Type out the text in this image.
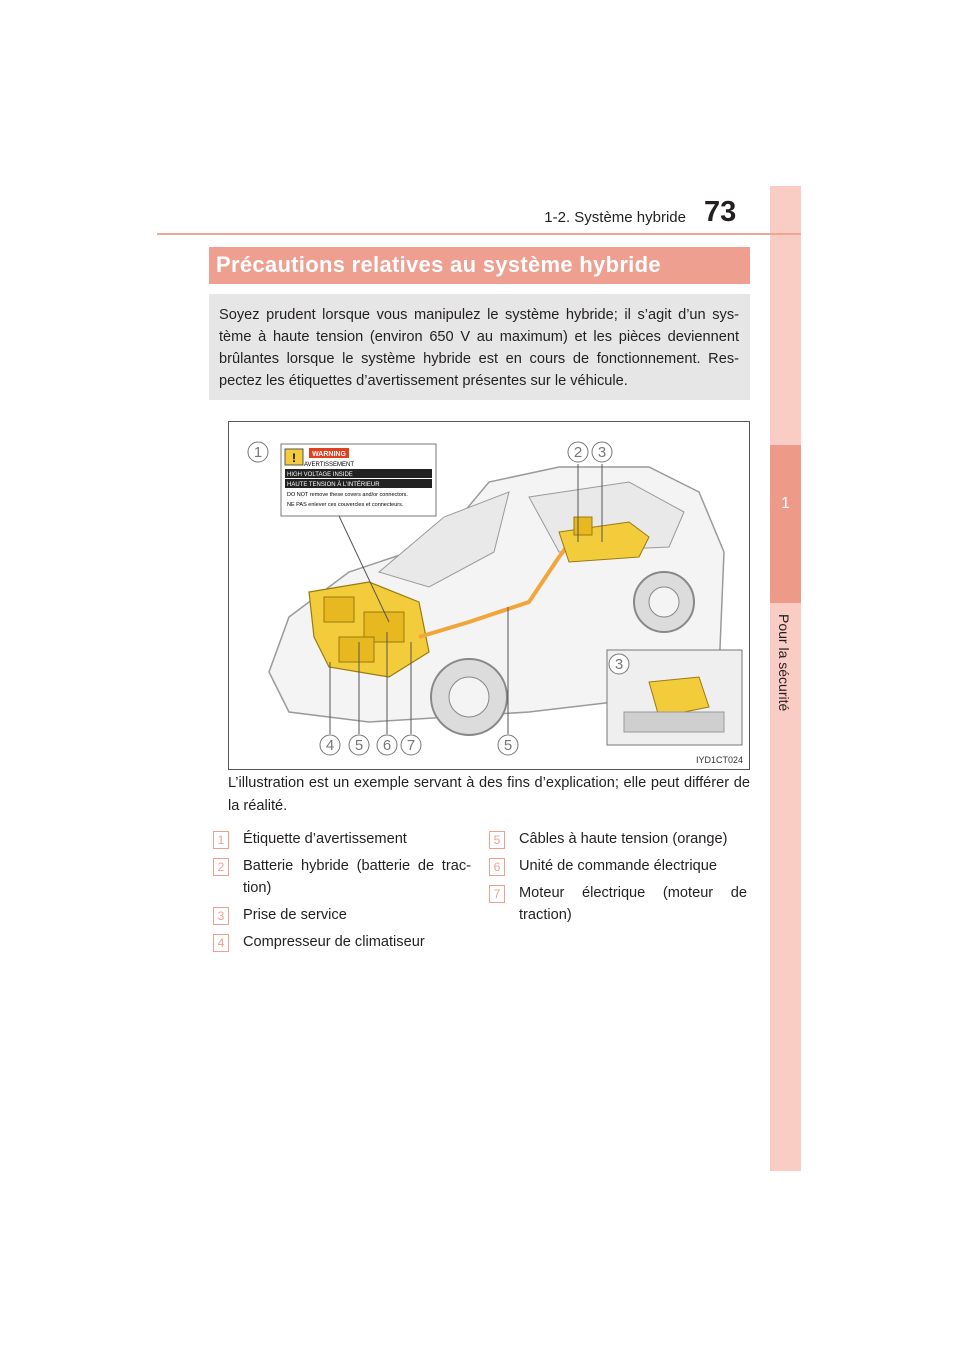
1
Pour la sécurité
1-2. Système hybride 73
Précautions relatives au système hybride

Soyez prudent lorsque vous manipulez le système hybride; il s’agit d’un sys-tème à haute tension (environ 650 V au maximum) et les pièces deviennent brûlantes lorsque le système hybride est en cours de fonctionnement. Res-pectez les étiquettes d’avertissement présentes sur le véhicule.

! WARNING
AVERTISSEMENT
HIGH VOLTAGE INSIDE
HAUTE TENSION À L’INTÉRIEUR
DO NOT remove these covers and/or connectors.
NE PAS enlever ces couvercles et connecteurs.
1	2 3
3
4 5 6 7	5
IYD1CT024
L’illustration est un exemple servant à des fins d’explication; elle peut différer de la réalité.
1	Étiquette d’avertissement
2	Batterie hybride (batterie de trac-tion)
3	Prise de service
4	Compresseur de climatiseur
5	Câbles à haute tension (orange)
6	Unité de commande électrique
7	Moteur électrique (moteur de traction)
